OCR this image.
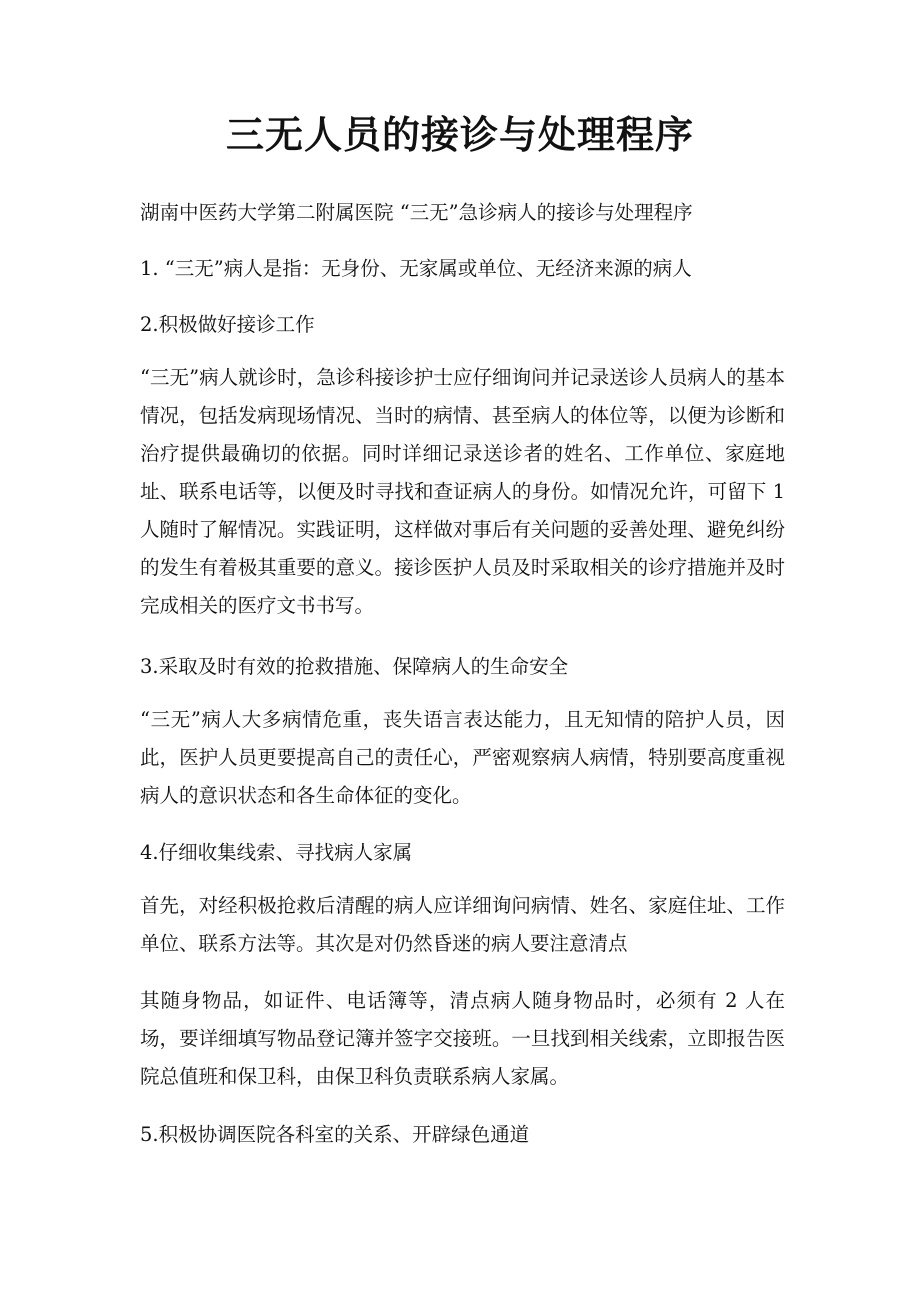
三无人员的接诊与处理程序

湖南中医药大学第二附属医院 “三无”急诊病人的接诊与处理程序

1. “三无”病人是指：无身份、无家属或单位、无经济来源的病人

2.积极做好接诊工作

“三无”病人就诊时，急诊科接诊护士应仔细询问并记录送诊人员病人的基本情况，包括发病现场情况、当时的病情、甚至病人的体位等，以便为诊断和治疗提供最确切的依据。同时详细记录送诊者的姓名、工作单位、家庭地址、联系电话等，以便及时寻找和查证病人的身份。如情况允许，可留下 1 人随时了解情况。实践证明，这样做对事后有关问题的妥善处理、避免纠纷的发生有着极其重要的意义。接诊医护人员及时采取相关的诊疗措施并及时完成相关的医疗文书书写。

3.采取及时有效的抢救措施、保障病人的生命安全

“三无”病人大多病情危重，丧失语言表达能力，且无知情的陪护人员，因此，医护人员更要提高自己的责任心，严密观察病人病情，特别要高度重视病人的意识状态和各生命体征的变化。

4.仔细收集线索、寻找病人家属

首先，对经积极抢救后清醒的病人应详细询问病情、姓名、家庭住址、工作单位、联系方法等。其次是对仍然昏迷的病人要注意清点

其随身物品，如证件、电话簿等，清点病人随身物品时，必须有 2 人在场，要详细填写物品登记簿并签字交接班。一旦找到相关线索，立即报告医院总值班和保卫科，由保卫科负责联系病人家属。

5.积极协调医院各科室的关系、开辟绿色通道
